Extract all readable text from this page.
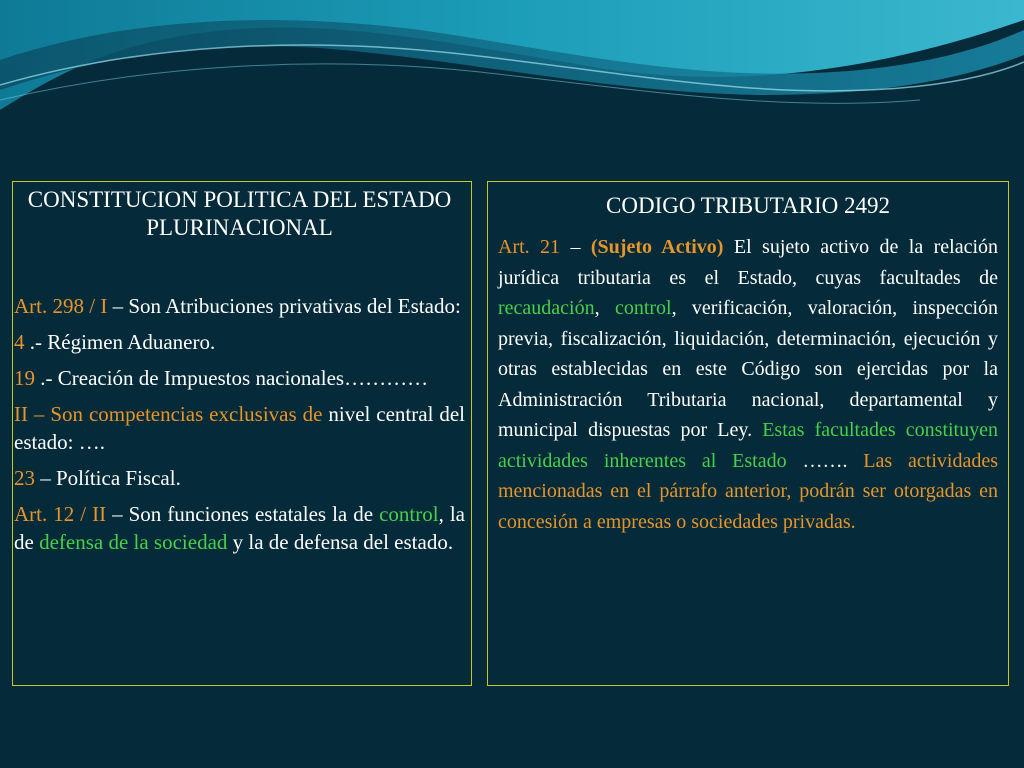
CONSTITUCION POLITICA DEL ESTADO PLURINACIONAL

Art. 298 / I – Son Atribuciones privativas del Estado:

4 .- Régimen Aduanero.

19 .- Creación de Impuestos nacionales…………

II – Son competencias exclusivas de nivel central del estado: ….

23 – Política Fiscal.

Art. 12 / II – Son funciones estatales la de control, la de defensa de la sociedad y la de defensa del estado.

CODIGO TRIBUTARIO 2492

Art. 21 – (Sujeto Activo) El sujeto activo de la relación jurídica tributaria es el Estado, cuyas facultades de recaudación, control, verificación, valoración, inspección previa, fiscalización, liquidación, determinación, ejecución y otras establecidas en este Código son ejercidas por la Administración Tributaria nacional, departamental y municipal dispuestas por Ley. Estas facultades constituyen actividades inherentes al Estado ……. Las actividades mencionadas en el párrafo anterior, podrán ser otorgadas en concesión a empresas o sociedades privadas.
